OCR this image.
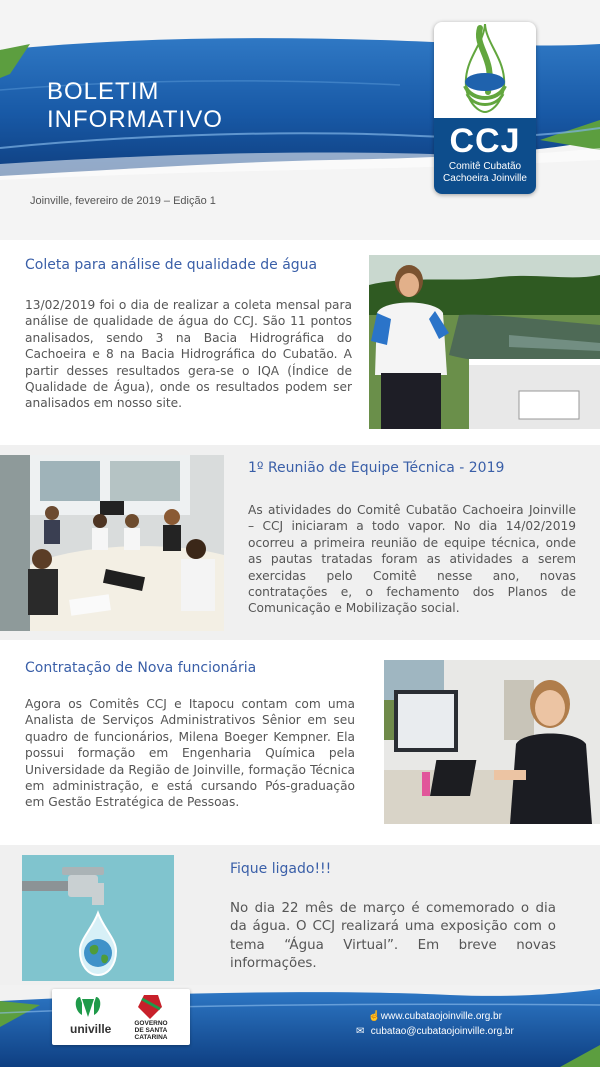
BOLETIM
INFORMATIVO
Joinville, fevereiro de 2019 – Edição 1
CCJ
Comitê Cubatão
Cachoeira Joinville
Coleta para análise de qualidade de água
13/02/2019 foi o dia de realizar a coleta mensal para análise de qualidade de água do CCJ. São 11 pontos analisados, sendo 3 na Bacia Hidrográfica do Cachoeira e 8 na Bacia Hidrográfica do Cubatão. A partir desses resultados gera-se o IQA (Índice de Qualidade de Água), onde os resultados podem ser analisados em nosso site.
1º Reunião de Equipe Técnica - 2019
As atividades do Comitê Cubatão Cachoeira Joinville – CCJ iniciaram a todo vapor. No dia 14/02/2019 ocorreu a primeira reunião de equipe técnica, onde as pautas tratadas foram as atividades a serem exercidas pelo Comitê nesse ano, novas contratações e, o fechamento dos Planos de Comunicação e Mobilização social.
Contratação de Nova funcionária
Agora os Comitês CCJ e Itapocu contam com uma Analista de Serviços Administrativos Sênior em seu quadro de funcionários, Milena Boeger Kempner. Ela possui formação em Engenharia Química pela Universidade da Região de Joinville, formação Técnica em administração, e está cursando Pós-graduação em Gestão Estratégica de Pessoas.
Fique ligado!!!
No dia 22 mês de março é comemorado o dia da água. O CCJ realizará uma exposição com o tema “Água Virtual”. Em breve novas informações.
univille	GOVERNO
DE SANTA
CATARINA
☝ www.cubataojoinville.org.br
✉ cubatao@cubataojoinville.org.br
